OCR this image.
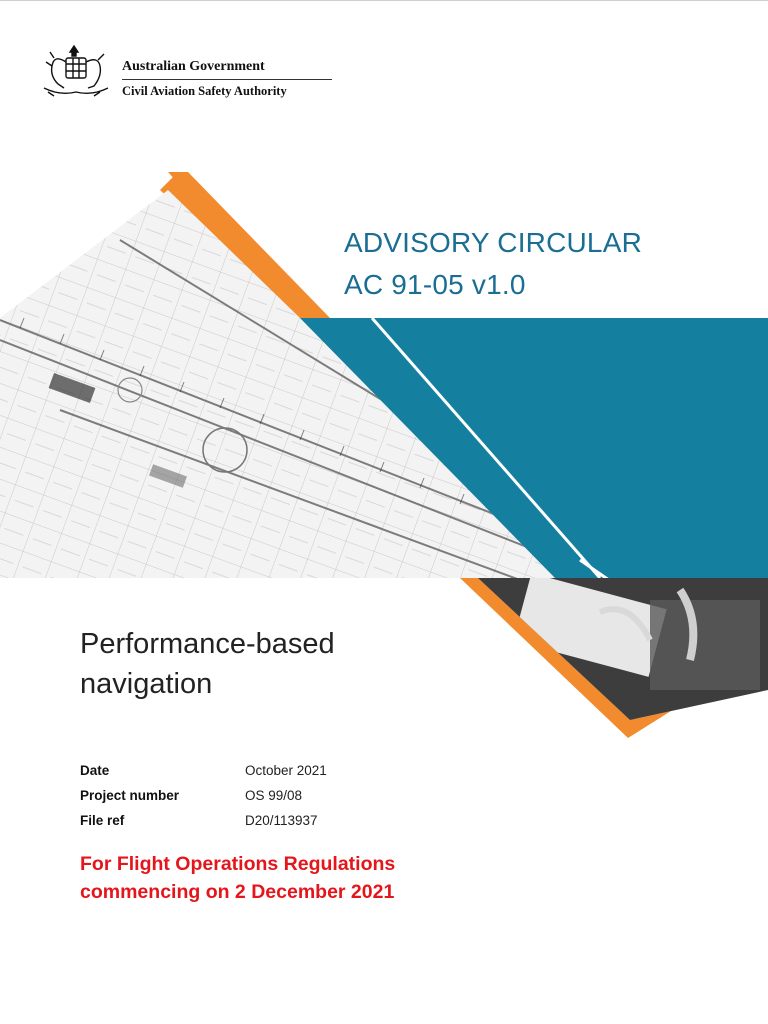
Australian Government
Civil Aviation Safety Authority
ADVISORY CIRCULAR
AC 91-05 v1.0
Performance-based
navigation
Date	October 2021
Project number	OS 99/08
File ref	D20/113937
For Flight Operations Regulations
commencing on 2 December 2021
